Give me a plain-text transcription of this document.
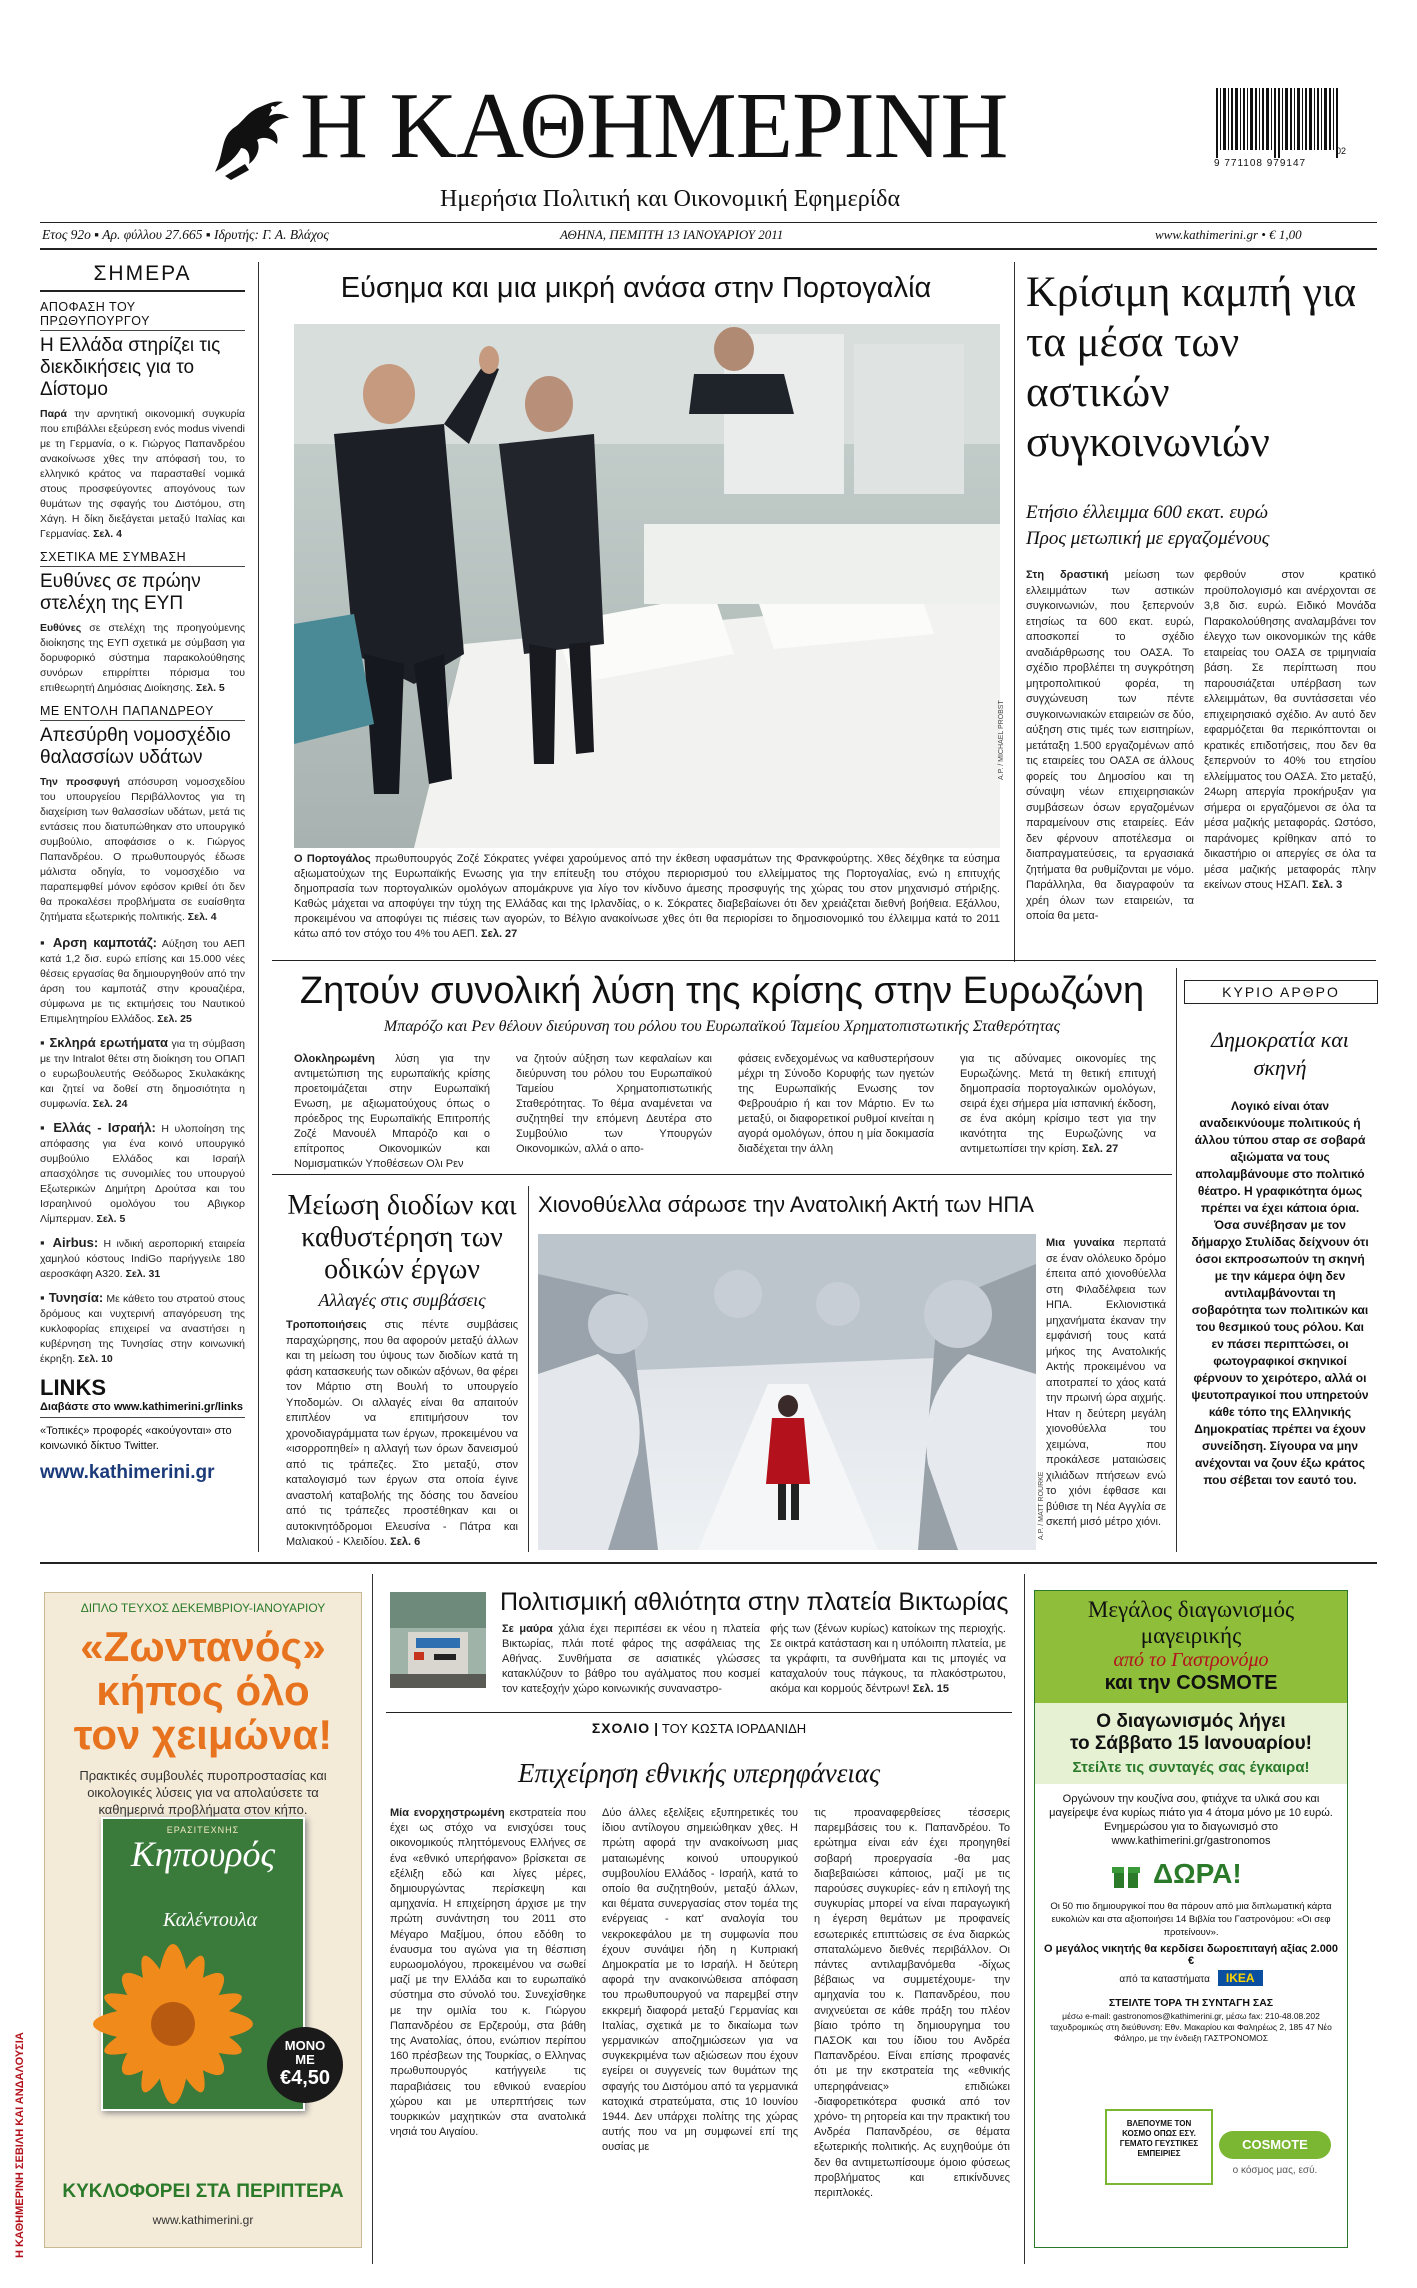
Η ΚΑΘΗΜΕΡΙΝΗ
Ημερήσια Πολιτική και Οικονομική Εφημερίδα
9 771108 979147
02
Ετος 92ο ▪ Αρ. φύλλου 27.665 ▪ Ιδρυτής: Γ. Α. Βλάχος	ΑΘΗΝΑ, ΠΕΜΠΤΗ 13 ΙΑΝΟΥΑΡΙΟΥ 2011	www.kathimerini.gr • € 1,00
ΣΗΜΕΡΑ
ΑΠΟΦΑΣΗ ΤΟΥ ΠΡΩΘΥΠΟΥΡΓΟΥ
Η Ελλάδα στηρίζει τις διεκδικήσεις για το Δίστομο
Παρά την αρνητική οικονομική συγκυρία που επιβάλλει εξεύρεση ενός modus vivendi με τη Γερμανία, ο κ. Γιώργος Παπανδρέου ανακοίνωσε χθες την απόφασή του, το ελληνικό κράτος να παρασταθεί νομικά στους προσφεύγοντες απογόνους των θυμάτων της σφαγής του Διστόμου, στη Χάγη. Η δίκη διεξάγεται μεταξύ Ιταλίας και Γερμανίας. Σελ. 4
ΣΧΕΤΙΚΑ ΜΕ ΣΥΜΒΑΣΗ
Ευθύνες σε πρώην στελέχη της ΕΥΠ
Ευθύνες σε στελέχη της προηγούμενης διοίκησης της ΕΥΠ σχετικά με σύμβαση για δορυφορικό σύστημα παρακολούθησης συνόρων επιρρίπτει πόρισμα του επιθεωρητή Δημόσιας Διοίκησης. Σελ. 5
ΜΕ ΕΝΤΟΛΗ ΠΑΠΑΝΔΡΕΟΥ
Απεσύρθη νομοσχέδιο θαλασσίων υδάτων
Την προσφυγή απόσυρση νομοσχεδίου του υπουργείου Περιβάλλοντος για τη διαχείριση των θαλασσίων υδάτων, μετά τις εντάσεις που διατυπώθηκαν στο υπουργικό συμβούλιο, αποφάσισε ο κ. Γιώργος Παπανδρέου. Ο πρωθυπουργός έδωσε μάλιστα οδηγία, το νομοσχέδιο να παραπεμφθεί μόνον εφόσον κριθεί ότι δεν θα προκαλέσει προβλήματα σε ευαίσθητα ζητήματα εξωτερικής πολιτικής. Σελ. 4
▪ Αρση καμποτάζ: Αύξηση του ΑΕΠ κατά 1,2 δισ. ευρώ επίσης και 15.000 νέες θέσεις εργασίας θα δημιουργηθούν από την άρση του καμποτάζ στην κρουαζιέρα, σύμφωνα με τις εκτιμήσεις του Ναυτικού Επιμελητηρίου Ελλάδος. Σελ. 25
▪ Σκληρά ερωτήματα για τη σύμβαση με την Intralot θέτει στη διοίκηση του ΟΠΑΠ ο ευρωβουλευτής Θεόδωρος Σκυλακάκης και ζητεί να δοθεί στη δημοσιότητα η συμφωνία. Σελ. 24
▪ Ελλάς - Ισραήλ: Η υλοποίηση της απόφασης για ένα κοινό υπουργικό συμβούλιο Ελλάδος και Ισραήλ απασχόλησε τις συνομιλίες του υπουργού Εξωτερικών Δημήτρη Δρούτσα και του Ισραηλινού ομολόγου του Αβιγκορ Λίμπερμαν. Σελ. 5
▪ Airbus: Η ινδική αεροπορική εταιρεία χαμηλού κόστους IndiGo παρήγγειλε 180 αεροσκάφη Α320. Σελ. 31
▪ Τυνησία: Με κάθετο του στρατού στους δρόμους και νυχτερινή απαγόρευση της κυκλοφορίας επιχειρεί να αναστήσει η κυβέρνηση της Τυνησίας στην κοινωνική έκρηξη. Σελ. 10
LINKS
Διαβάστε στο www.kathimerini.gr/links
«Τοπικές» προφορές «ακούγονται» στο κοινωνικό δίκτυο Twitter.
www.kathimerini.gr
Εύσημα και μια μικρή ανάσα στην Πορτογαλία
A.P. / MICHAEL PROBST
Ο Πορτογάλος πρωθυπουργός Ζοζέ Σόκρατες γνέφει χαρούμενος από την έκθεση υφασμάτων της Φρανκφούρτης. Χθες δέχθηκε τα εύσημα αξιωματούχων της Ευρωπαϊκής Ενωσης για την επίτευξη του στόχου περιορισμού του ελλείμματος της Πορτογαλίας, ενώ η επιτυχής δημοπρασία των πορτογαλικών ομολόγων απομάκρυνε για λίγο τον κίνδυνο άμεσης προσφυγής της χώρας του στον μηχανισμό στήριξης. Καθώς μάχεται να αποφύγει την τύχη της Ελλάδας και της Ιρλανδίας, ο κ. Σόκρατες διαβεβαίωνει ότι δεν χρειάζεται διεθνή βοήθεια. Εξάλλου, προκειμένου να αποφύγει τις πιέσεις των αγορών, το Βέλγιο ανακοίνωσε χθες ότι θα περιορίσει το δημοσιονομικό του έλλειμμα κατά το 2011 κάτω από τον στόχο του 4% του ΑΕΠ. Σελ. 27
Κρίσιμη καμπή για τα μέσα των αστικών συγκοινωνιών
Ετήσιο έλλειμμα 600 εκατ. ευρώ
Προς μετωπική με εργαζομένους
Στη δραστική μείωση των ελλειμμάτων των αστικών συγκοινωνιών, που ξεπερνούν ετησίως τα 600 εκατ. ευρώ, αποσκοπεί το σχέδιο αναδιάρθρωσης του ΟΑΣΑ. Το σχέδιο προβλέπει τη συγκρότηση μητροπολιτικού φορέα, τη συγχώνευση των πέντε συγκοινωνιακών εταιρειών σε δύο, αύξηση στις τιμές των εισιτηρίων, μετάταξη 1.500 εργαζομένων από τις εταιρείες του ΟΑΣΑ σε άλλους φορείς του Δημοσίου και τη σύναψη νέων επιχειρησιακών συμβάσεων όσων εργαζομένων παραμείνουν στις εταιρείες. Εάν δεν φέρνουν αποτέλεσμα οι διαπραγματεύσεις, τα εργασιακά ζητήματα θα ρυθμίζονται με νόμο. Παράλληλα, θα διαγραφούν τα χρέη όλων των εταιρειών, τα οποία θα μετα-
φερθούν στον κρατικό προϋπολογισμό και ανέρχονται σε 3,8 δισ. ευρώ. Ειδικό Μονάδα Παρακολούθησης αναλαμβάνει τον έλεγχο των οικονομικών της κάθε εταιρείας του ΟΑΣΑ σε τριμηνιαία βάση. Σε περίπτωση που παρουσιάζεται υπέρβαση των ελλειμμάτων, θα συντάσσεται νέο επιχειρησιακό σχέδιο. Αν αυτό δεν εφαρμόζεται θα περικόπτονται οι κρατικές επιδοτήσεις, που δεν θα ξεπερνούν το 40% του ετησίου ελλείμματος του ΟΑΣΑ. Στο μεταξύ, 24ωρη απεργία προκήρυξαν για σήμερα οι εργαζόμενοι σε όλα τα μέσα μαζικής μεταφοράς. Ωστόσο, παράνομες κρίθηκαν από το δικαστήριο οι απεργίες σε όλα τα μέσα μαζικής μεταφοράς πλην εκείνων στους ΗΣΑΠ. Σελ. 3
Ζητούν συνολική λύση της κρίσης στην Ευρωζώνη
Μπαρόζο και Ρεν θέλουν διεύρυνση του ρόλου του Ευρωπαϊκού Ταμείου Χρηματοπιστωτικής Σταθερότητας
Ολοκληρωμένη λύση για την αντιμετώπιση της ευρωπαϊκής κρίσης προετοιμάζεται στην Ευρωπαϊκή Ενωση, με αξιωματούχους όπως ο πρόεδρος της Ευρωπαϊκής Επιτροπής Ζοζέ Μανουέλ Μπαρόζο και ο επίτροπος Οικονομικών και Νομισματικών Υποθέσεων Ολι Ρεν
να ζητούν αύξηση των κεφαλαίων και διεύρυνση του ρόλου του Ευρωπαϊκού Ταμείου Χρηματοπιστωτικής Σταθερότητας. Το θέμα αναμένεται να συζητηθεί την επόμενη Δευτέρα στο Συμβούλιο των Υπουργών Οικονομικών, αλλά ο απο-
φάσεις ενδεχομένως να καθυστερήσουν μέχρι τη Σύνοδο Κορυφής των ηγετών της Ευρωπαϊκής Ενωσης τον Φεβρουάριο ή και τον Μάρτιο. Εν τω μεταξύ, οι διαφορετικοί ρυθμοί κινείται η αγορά ομολόγων, όπου η μία δοκιμασία διαδέχεται την άλλη
για τις αδύναμες οικονομίες της Ευρωζώνης. Μετά τη θετική επιτυχή δημοπρασία πορτογαλικών ομολόγων, σειρά έχει σήμερα μία ισπανική έκδοση, σε ένα ακόμη κρίσιμο τεστ για την ικανότητα της Ευρωζώνης να αντιμετωπίσει την κρίση. Σελ. 27
ΚΥΡΙΟ ΑΡΘΡΟ
Δημοκρατία και σκηνή
Λογικό είναι όταν αναδεικνύουμε πολιτικούς ή άλλου τύπου σταρ σε σοβαρά αξιώματα να τους απολαμβάνουμε στο πολιτικό θέατρο. Η γραφικότητα όμως πρέπει να έχει κάποια όρια. Όσα συνέβησαν με τον δήμαρχο Στυλίδας δείχνουν ότι όσοι εκπροσωπούν τη σκηνή με την κάμερα όψη δεν αντιλαμβάνονται τη σοβαρότητα των πολιτικών και του θεσμικού τους ρόλου. Και εν πάσει περιπτώσει, οι φωτογραφικοί σκηνικοί φέρνουν το χειρότερο, αλλά οι ψευτοπραγικοί που υπηρετούν κάθε τόπο της Ελληνικής Δημοκρατίας πρέπει να έχουν συνείδηση. Σίγουρα να μην ανέχονται να ζουν έξω κράτος που σέβεται τον εαυτό του.
Μείωση διοδίων και καθυστέρηση των οδικών έργων
Αλλαγές στις συμβάσεις
Τροποποιήσεις στις πέντε συμβάσεις παραχώρησης, που θα αφορούν μεταξύ άλλων και τη μείωση του ύψους των διοδίων κατά τη φάση κατασκευής των οδικών αξόνων, θα φέρει τον Μάρτιο στη Βουλή το υπουργείο Υποδομών. Οι αλλαγές είναι θα απαιτούν επιπλέον να επιτιμήσουν τον χρονοδιαγράμματα των έργων, προκειμένου να «ισορροπηθεί» η αλλαγή των όρων δανεισμού από τις τράπεζες. Στο μεταξύ, στον καταλογισμό των έργων στα οποία έγινε αναστολή καταβολής της δόσης του δανείου από τις τράπεζες προστέθηκαν και οι αυτοκινητόδρομοι Ελευσίνα - Πάτρα και Μαλιακού - Κλειδίου. Σελ. 6
Χιονοθύελλα σάρωσε την Ανατολική Ακτή των ΗΠΑ
A.P. / MATT ROURKE
Μια γυναίκα περπατά σε έναν ολόλευκο δρόμο έπειτα από χιονοθύελλα στη Φιλαδέλφεια των ΗΠΑ. Εκλιονιστικά μηχανήματα έκαναν την εμφάνισή τους κατά μήκος της Ανατολικής Ακτής προκειμένου να αποτραπεί το χάος κατά την πρωινή ώρα αιχμής. Ηταν η δεύτερη μεγάλη χιονοθύελλα του χειμώνα, που προκάλεσε ματαιώσεις χιλιάδων πτήσεων ενώ το χιόνι έφθασε και βύθισε τη Νέα Αγγλία σε σκεπή μισό μέτρο χιόνι.
ΔΙΠΛΟ ΤΕΥΧΟΣ ΔΕΚΕΜΒΡΙΟΥ-ΙΑΝΟΥΑΡΙΟΥ
«Ζωντανός»
κήπος όλο
τον χειμώνα!
Πρακτικές συμβουλές πυροπροστασίας και οικολογικές λύσεις για να απολαύσετε τα καθημερινά προβλήματα στον κήπο.
ΕΡΑΣΙΤΕΧΝΗΣ
Κηπουρός
Καλέντουλα
ΜΟΝΟ
ΜΕ
€4,50
ΚΥΚΛΟΦΟΡΕΙ ΣΤΑ ΠΕΡΙΠΤΕΡΑ
www.kathimerini.gr
Η ΚΑΘΗΜΕΡΙΝΗ ΣΕΒΙΛΗ ΚΑΙ ΑΝΔΑΛΟΥΣΙΑ
Πολιτισμική αθλιότητα στην πλατεία Βικτωρίας
Σε μαύρα χάλια έχει περιπέσει εκ νέου η πλατεία Βικτωρίας, πλάι ποτέ φάρος της ασφάλειας της Αθήνας. Συνθήματα σε ασιατικές γλώσσες κατακλύζουν το βάθρο του αγάλματος που κοσμεί τον κατεξοχήν χώρο κοινωνικής συναναστρο-
φής των (ξένων κυρίως) κατοίκων της περιοχής. Σε οικτρά κατάσταση και η υπόλοιπη πλατεία, με τα γκράφιτι, τα συνθήματα και τις μπογιές να καταχαλούν τους πάγκους, τα πλακόστρωτου, ακόμα και κορμούς δέντρων! Σελ. 15
ΣΧΟΛΙΟ | ΤΟΥ ΚΩΣΤΑ ΙΟΡΔΑΝΙΔΗ
Επιχείρηση εθνικής υπερηφάνειας
Μία ενορχηστρωμένη εκστρατεία που έχει ως στόχο να ενισχύσει τους οικονομικούς πληττόμενους Ελλήνες σε ένα «εθνικό υπερήφανο» βρίσκεται σε εξέλιξη εδώ και λίγες μέρες, δημιουργώντας περίσκεψη και αμηχανία. Η επιχείρηση άρχισε με την πρώτη συνάντηση του 2011 στο Μέγαρο Μαξίμου, όπου εδόθη το έναυσμα του αγώνα για τη θέσπιση ευρωομολόγου, προκειμένου να σωθεί μαζί με την Ελλάδα και το ευρωπαϊκό σύστημα στο σύνολό του. Συνεχίσθηκε με την ομιλία του κ. Γιώργου Παπανδρέου σε Ερζερούμ, στα βάθη της Ανατολίας, όπου, ενώπιον περίπου 160 πρέσβεων της Τουρκίας, ο Ελληνας πρωθυπουργός κατήγγειλε τις παραβιάσεις του εθνικού εναερίου χώρου και με υπερπτήσεις των τουρκικών μαχητικών στα ανατολικά νησιά του Αιγαίου.
Δύο άλλες εξελίξεις εξυπηρετικές του ίδιου αντίλογου σημειώθηκαν χθες. Η πρώτη αφορά την ανακοίνωση μιας ματαιωμένης κοινού υπουργικού συμβουλίου Ελλάδος - Ισραήλ, κατά το οποίο θα συζητηθούν, μεταξύ άλλων, και θέματα συνεργασίας στον τομέα της ενέργειας - κατ' αναλογία του νεκροκεφάλου με τη συμφωνία που έχουν συνάψει ήδη η Κυπριακή Δημοκρατία με το Ισραήλ. Η δεύτερη αφορά την ανακοινώθεισα απόφαση του πρωθυπουργού να παρεμβεί στην εκκρεμή διαφορά μεταξύ Γερμανίας και Ιταλίας, σχετικά με το δικαίωμα των γερμανικών αποζημιώσεων για να συγκεκριμένα των αξιώσεων που έχουν εγείρει οι συγγενείς των θυμάτων της σφαγής του Διστόμου από τα γερμανικά κατοχικά στρατεύματα, στις 10 Ιουνίου 1944. Δεν υπάρχει πολίτης της χώρας αυτής που να μη συμφωνεί επί της ουσίας με
τις προαναφερθείσες τέσσερις παρεμβάσεις του κ. Παπανδρέου. Το ερώτημα είναι εάν έχει προηγηθεί σοβαρή προεργασία -θα μας διαβεβαιώσει κάποιος, μαζί με τις παρούσες συγκυρίες- εάν η επιλογή της συγκυρίας μπορεί να είναι παραγωγική η έγερση θεμάτων με προφανείς εσωτερικές επιπτώσεις σε ένα διαρκώς σπαταλώμενο διεθνές περιβάλλον. Οι πάντες αντιλαμβανόμεθα -δίχως βέβαιως να συμμετέχουμε- την αμηχανία του κ. Παπανδρέου, που ανιχνεύεται σε κάθε πράξη του πλέον βίαιο τρόπο τη δημιουργημα του ΠΑΣΟΚ και του ίδιου του Ανδρέα Παπανδρέου. Είναι επίσης προφανές ότι με την εκστρατεία της «εθνικής υπερηφάνειας» επιδιώκει -διαφορετικότερα φυσικά από τον χρόνο- τη ρητορεία και την πρακτική του Ανδρέα Παπανδρέου, σε θέματα εξωτερικής πολιτικής. Ας ευχηθούμε ότι δεν θα αντιμετωπίσουμε όμοιο φύσεως προβλήματος και επικίνδυνες περιπλοκές.
Μεγάλος διαγωνισμός μαγειρικής
από το Γαστρονόμο
και την COSMOTE
Ο διαγωνισμός λήγει
το Σάββατο 15 Ιανουαρίου!
Στείλτε τις συνταγές σας έγκαιρα!
Οργώνουν την κουζίνα σου, φτιάχνε τα υλικά σου και μαγείρεψε ένα κυρίως πιάτο για 4 άτομα μόνο με 10 ευρώ. Ενημερώσου για το διαγωνισμό στο www.kathimerini.gr/gastronomos
ΔΩΡΑ!
Οι 50 πιο δημιουργικοί που θα πάρουν από μια διπλωματική κάρτα ευκολιών και στα αξιοποιήσει 14 Βιβλία του Γαστρονόμου: «Οι σεφ προτείνουν».
Ο μεγάλος νικητής θα κερδίσει δωροεπιταγή αξίας 2.000 €
από τα καταστήματα IKEA
ΣΤΕΙΛΤΕ ΤΟΡΑ ΤΗ ΣΥΝΤΑΓΗ ΣΑΣ
μέσω e-mail: gastronomos@kathimerini.gr, μέσω fax: 210-48.08.202 ταχυδρομικώς στη διεύθυνση: Εθν. Μακαρίου και Φαληρέως 2, 185 47 Νέο Φάληρο, με την ένδειξη ΓΑΣΤΡΟΝΟΜΟΣ
ΒΛΕΠΟΥΜΕ ΤΟΝ ΚΟΣΜΟ ΟΠΩΣ ΕΣΥ. ΓΕΜΑΤΟ ΓΕΥΣΤΙΚΕΣ ΕΜΠΕΙΡΙΕΣ
COSMOTE
ο κόσμος μας, εσύ.
